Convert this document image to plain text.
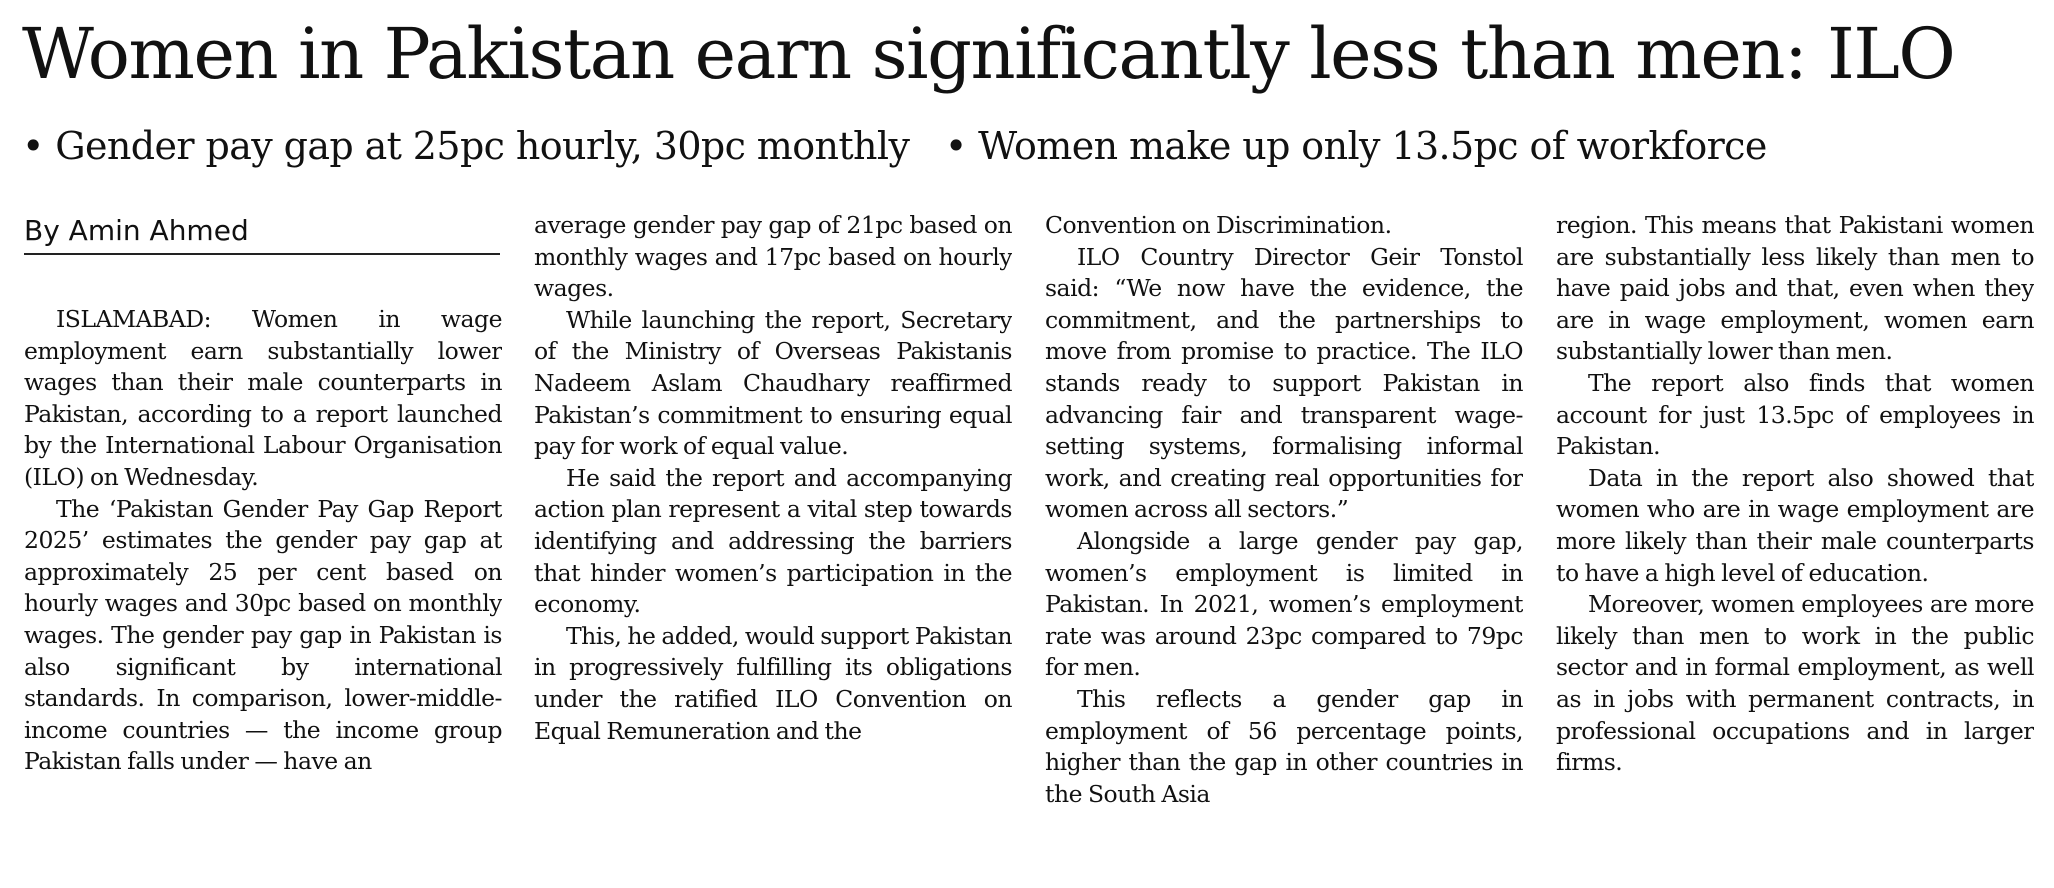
Women in Pakistan earn significantly less than men: ILO
• Gender pay gap at 25pc hourly, 30pc monthly • Women make up only 13.5pc of workforce
By Amin Ahmed

ISLAMABAD: Women in wage employment earn substantially lower wages than their male counterparts in Pakistan, according to a report launched by the International Labour Organisation (ILO) on Wednesday.

The ‘Pakistan Gender Pay Gap Report 2025’ estimates the gender pay gap at approximately 25 per cent based on hourly wages and 30pc based on monthly wages. The gender pay gap in Pakistan is also significant by international standards. In comparison, lower-middle-income countries — the income group Pakistan falls under — have an

average gender pay gap of 21pc based on monthly wages and 17pc based on hourly wages.

While launching the report, Secretary of the Ministry of Overseas Pakistanis Nadeem Aslam Chaudhary reaffirmed Pakistan’s commitment to ensuring equal pay for work of equal value.

He said the report and accompanying action plan represent a vital step towards identifying and addressing the barriers that hinder women’s participation in the economy.

This, he added, would support Pakistan in progressively fulfilling its obligations under the ratified ILO Convention on Equal Remuneration and the

Convention on Discrimination.

ILO Country Director Geir Tonstol said: “We now have the evidence, the commitment, and the partnerships to move from promise to practice. The ILO stands ready to support Pakistan in advancing fair and transparent wage-setting systems, formalising informal work, and creating real opportunities for women across all sectors.”

Alongside a large gender pay gap, women’s employment is limited in Pakistan. In 2021, women’s employment rate was around 23pc compared to 79pc for men.

This reflects a gender gap in employment of 56 percentage points, higher than the gap in other countries in the South Asia

region. This means that Pakistani women are substantially less likely than men to have paid jobs and that, even when they are in wage employment, women earn substantially lower than men.

The report also finds that women account for just 13.5pc of employees in Pakistan.

Data in the report also showed that women who are in wage employment are more likely than their male counterparts to have a high level of education.

Moreover, women employees are more likely than men to work in the public sector and in formal employment, as well as in jobs with permanent contracts, in professional occupations and in larger firms.
